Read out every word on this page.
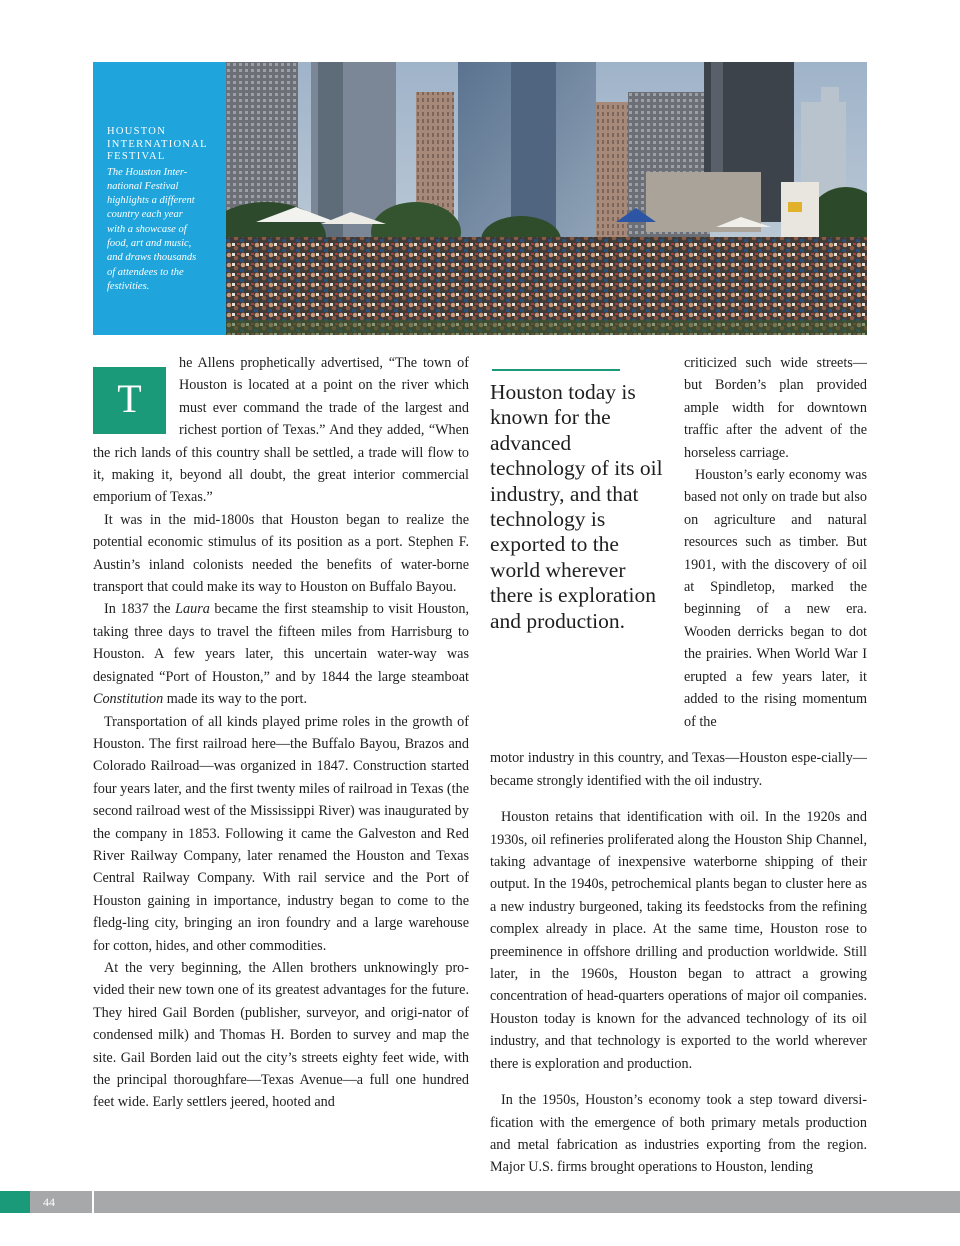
HOUSTON
INTERNATIONAL
FESTIVAL

The Houston Inter-
national Festival
highlights a different
country each year
with a showcase of
food, art and music,
and draws thousands
of attendees to the
festivities.

T

he Allens prophetically advertised, “The town of Houston is located at a point on the river which must ever command the trade of the largest and richest portion of Texas.” And they added, “When the rich lands of this country shall be settled, a trade will flow to it, making it, beyond all doubt, the great interior commercial emporium of Texas.”

It was in the mid-1800s that Houston began to realize the potential economic stimulus of its position as a port. Stephen F. Austin’s inland colonists needed the benefits of water-borne transport that could make its way to Houston on Buffalo Bayou.

In 1837 the Laura became the first steamship to visit Houston, taking three days to travel the fifteen miles from Harrisburg to Houston. A few years later, this uncertain water-way was designated “Port of Houston,” and by 1844 the large steamboat Constitution made its way to the port.

Transportation of all kinds played prime roles in the growth of Houston. The first railroad here—the Buffalo Bayou, Brazos and Colorado Railroad—was organized in 1847. Construction started four years later, and the first twenty miles of railroad in Texas (the second railroad west of the Mississippi River) was inaugurated by the company in 1853. Following it came the Galveston and Red River Railway Company, later renamed the Houston and Texas Central Railway Company. With rail service and the Port of Houston gaining in importance, industry began to come to the fledg-ling city, bringing an iron foundry and a large warehouse for cotton, hides, and other commodities.

At the very beginning, the Allen brothers unknowingly pro-vided their new town one of its greatest advantages for the future. They hired Gail Borden (publisher, surveyor, and origi-nator of condensed milk) and Thomas H. Borden to survey and map the site. Gail Borden laid out the city’s streets eighty feet wide, with the principal thoroughfare—Texas Avenue—a full one hundred feet wide. Early settlers jeered, hooted and

Houston today is known for the advanced technology of its oil industry, and that technology is exported to the world wherever there is exploration and production.

criticized such wide streets—but Borden’s plan provided ample width for downtown traffic after the advent of the horseless carriage.

Houston’s early economy was based not only on trade but also on agriculture and natural resources such as timber. But 1901, with the discovery of oil at Spindletop, marked the beginning of a new era. Wooden derricks began to dot the prairies. When World War I erupted a few years later, it added to the rising momentum of the

motor industry in this country, and Texas—Houston espe-cially—became strongly identified with the oil industry.

Houston retains that identification with oil. In the 1920s and 1930s, oil refineries proliferated along the Houston Ship Channel, taking advantage of inexpensive waterborne shipping of their output. In the 1940s, petrochemical plants began to cluster here as a new industry burgeoned, taking its feedstocks from the refining complex already in place. At the same time, Houston rose to preeminence in offshore drilling and production worldwide. Still later, in the 1960s, Houston began to attract a growing concentration of head-quarters operations of major oil companies. Houston today is known for the advanced technology of its oil industry, and that technology is exported to the world wherever there is exploration and production.

In the 1950s, Houston’s economy took a step toward diversi-fication with the emergence of both primary metals production and metal fabrication as industries exporting from the region. Major U.S. firms brought operations to Houston, lending

44
